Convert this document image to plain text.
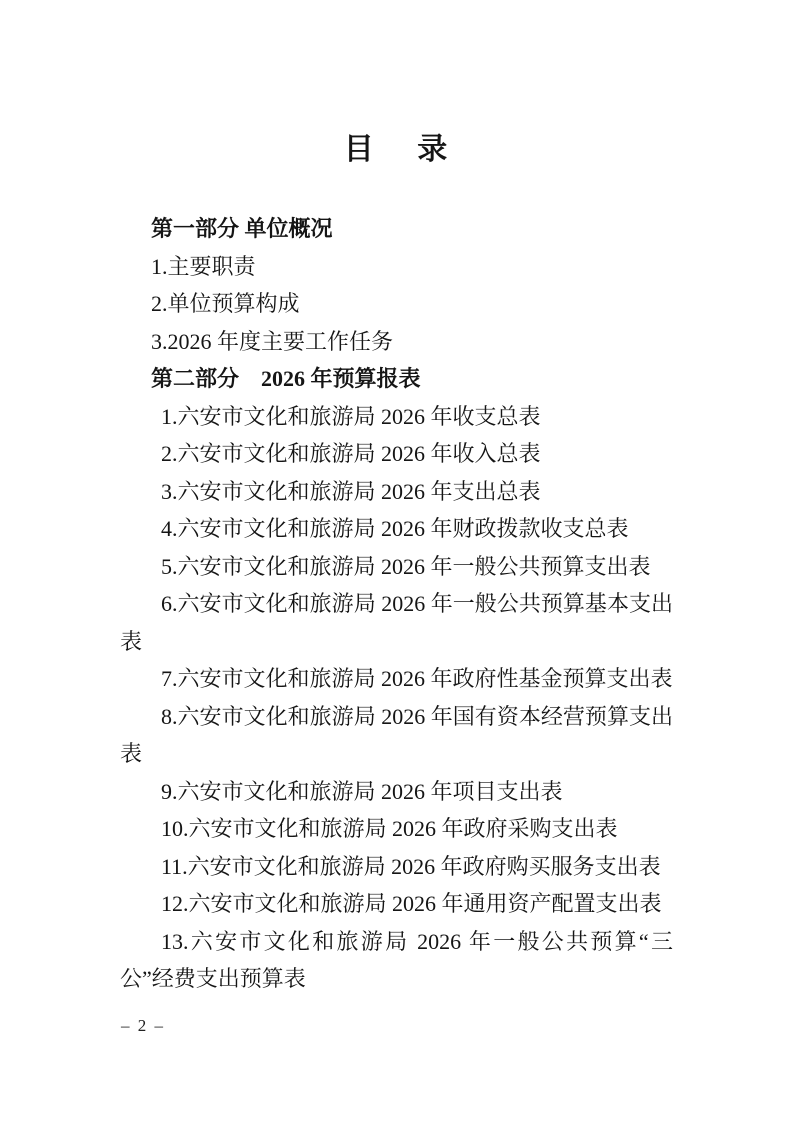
目　 录

第一部分 单位概况

1.主要职责

2.单位预算构成

3.2026 年度主要工作任务

第二部分　2026 年预算报表

1.六安市文化和旅游局 2026 年收支总表

2.六安市文化和旅游局 2026 年收入总表

3.六安市文化和旅游局 2026 年支出总表

4.六安市文化和旅游局 2026 年财政拨款收支总表

5.六安市文化和旅游局 2026 年一般公共预算支出表

6.六安市文化和旅游局 2026 年一般公共预算基本支出表

7.六安市文化和旅游局 2026 年政府性基金预算支出表

8.六安市文化和旅游局 2026 年国有资本经营预算支出表

9.六安市文化和旅游局 2026 年项目支出表

10.六安市文化和旅游局 2026 年政府采购支出表

11.六安市文化和旅游局 2026 年政府购买服务支出表

12.六安市文化和旅游局 2026 年通用资产配置支出表

13.六安市文化和旅游局 2026 年一般公共预算“三公”经费支出预算表

– 2 –
